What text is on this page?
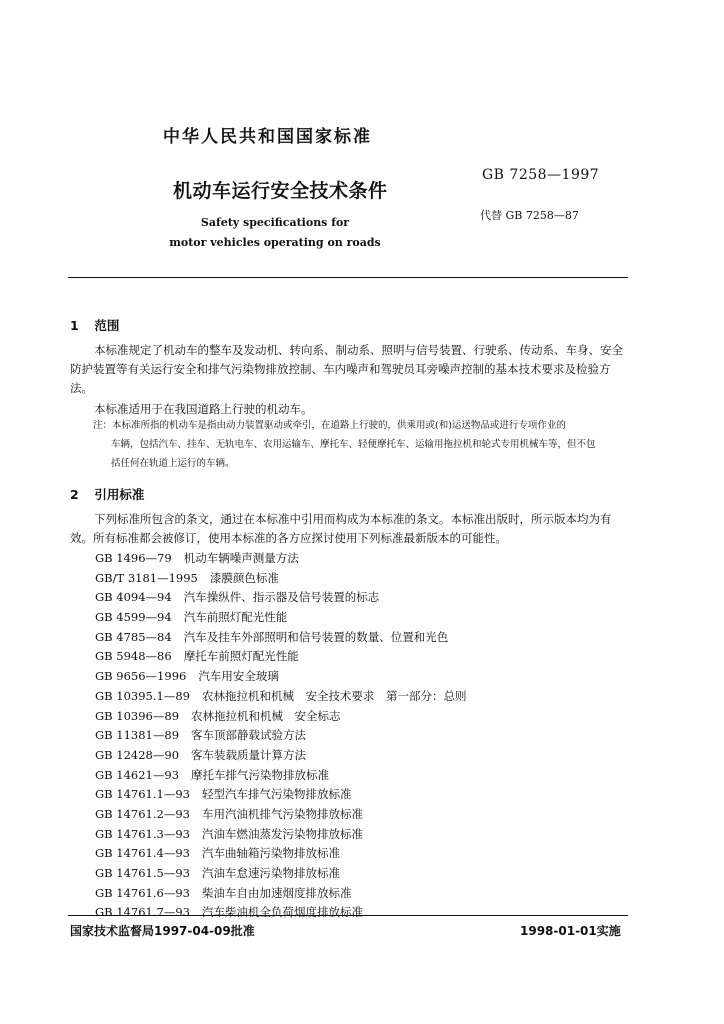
中华人民共和国国家标准
GB 7258—1997
机动车运行安全技术条件
代替 GB 7258—87
Safety specifications for
motor vehicles operating on roads
1 范围
本标准规定了机动车的整车及发动机、转向系、制动系、照明与信号装置、行驶系、传动系、车身、安全防护装置等有关运行安全和排气污染物排放控制、车内噪声和驾驶员耳旁噪声控制的基本技术要求及检验方法。
本标准适用于在我国道路上行驶的机动车。
注：本标准所指的机动车是指由动力装置驱动或牵引，在道路上行驶的，供乘用或(和)运送物品或进行专项作业的
车辆，包括汽车、挂车、无轨电车、农用运输车、摩托车、轻便摩托车、运输用拖拉机和轮式专用机械车等，但不包
括任何在轨道上运行的车辆。
2 引用标准
下列标准所包含的条文，通过在本标准中引用而构成为本标准的条文。本标准出版时，所示版本均为有效。所有标准都会被修订，使用本标准的各方应探讨使用下列标准最新版本的可能性。
GB 1496—79 机动车辆噪声测量方法
GB/T 3181—1995 漆膜颜色标准
GB 4094—94 汽车操纵件、指示器及信号装置的标志
GB 4599—94 汽车前照灯配光性能
GB 4785—84 汽车及挂车外部照明和信号装置的数量、位置和光色
GB 5948—86 摩托车前照灯配光性能
GB 9656—1996 汽车用安全玻璃
GB 10395.1—89 农林拖拉机和机械　安全技术要求　第一部分：总则
GB 10396—89 农林拖拉机和机械　安全标志
GB 11381—89 客车顶部静载试验方法
GB 12428—90 客车装载质量计算方法
GB 14621—93 摩托车排气污染物排放标准
GB 14761.1—93 轻型汽车排气污染物排放标准
GB 14761.2—93 车用汽油机排气污染物排放标准
GB 14761.3—93 汽油车燃油蒸发污染物排放标准
GB 14761.4—93 汽车曲轴箱污染物排放标准
GB 14761.5—93 汽油车怠速污染物排放标准
GB 14761.6—93 柴油车自由加速烟度排放标准
GB 14761.7—93 汽车柴油机全负荷烟度排放标准
国家技术监督局1997-04-09批准	1998-01-01实施
